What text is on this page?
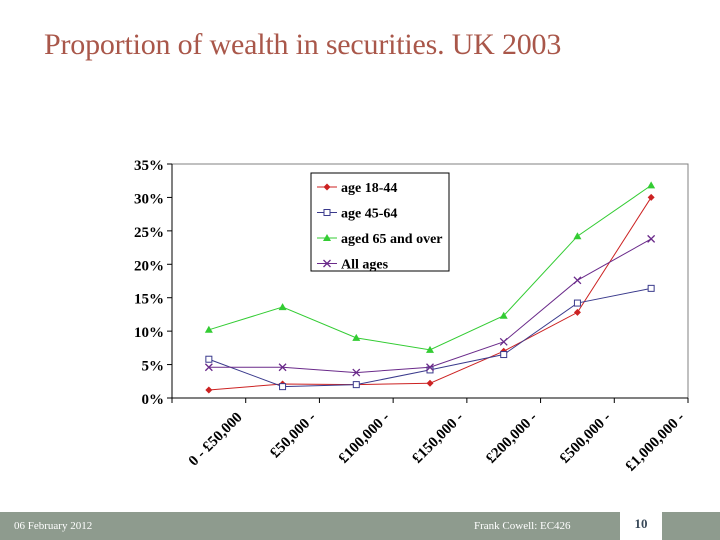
Proportion of wealth in securities. UK 2003
0%
5%
10%
15%
20%
25%
30%
35%
0 - £50,000 £50,000 - £100,000 - £150,000 - £200,000 - £500,000 - £1,000,000 -
age 18-44
age 45-64
aged 65 and over
All ages
06 February 2012	Frank Cowell: EC426	10
